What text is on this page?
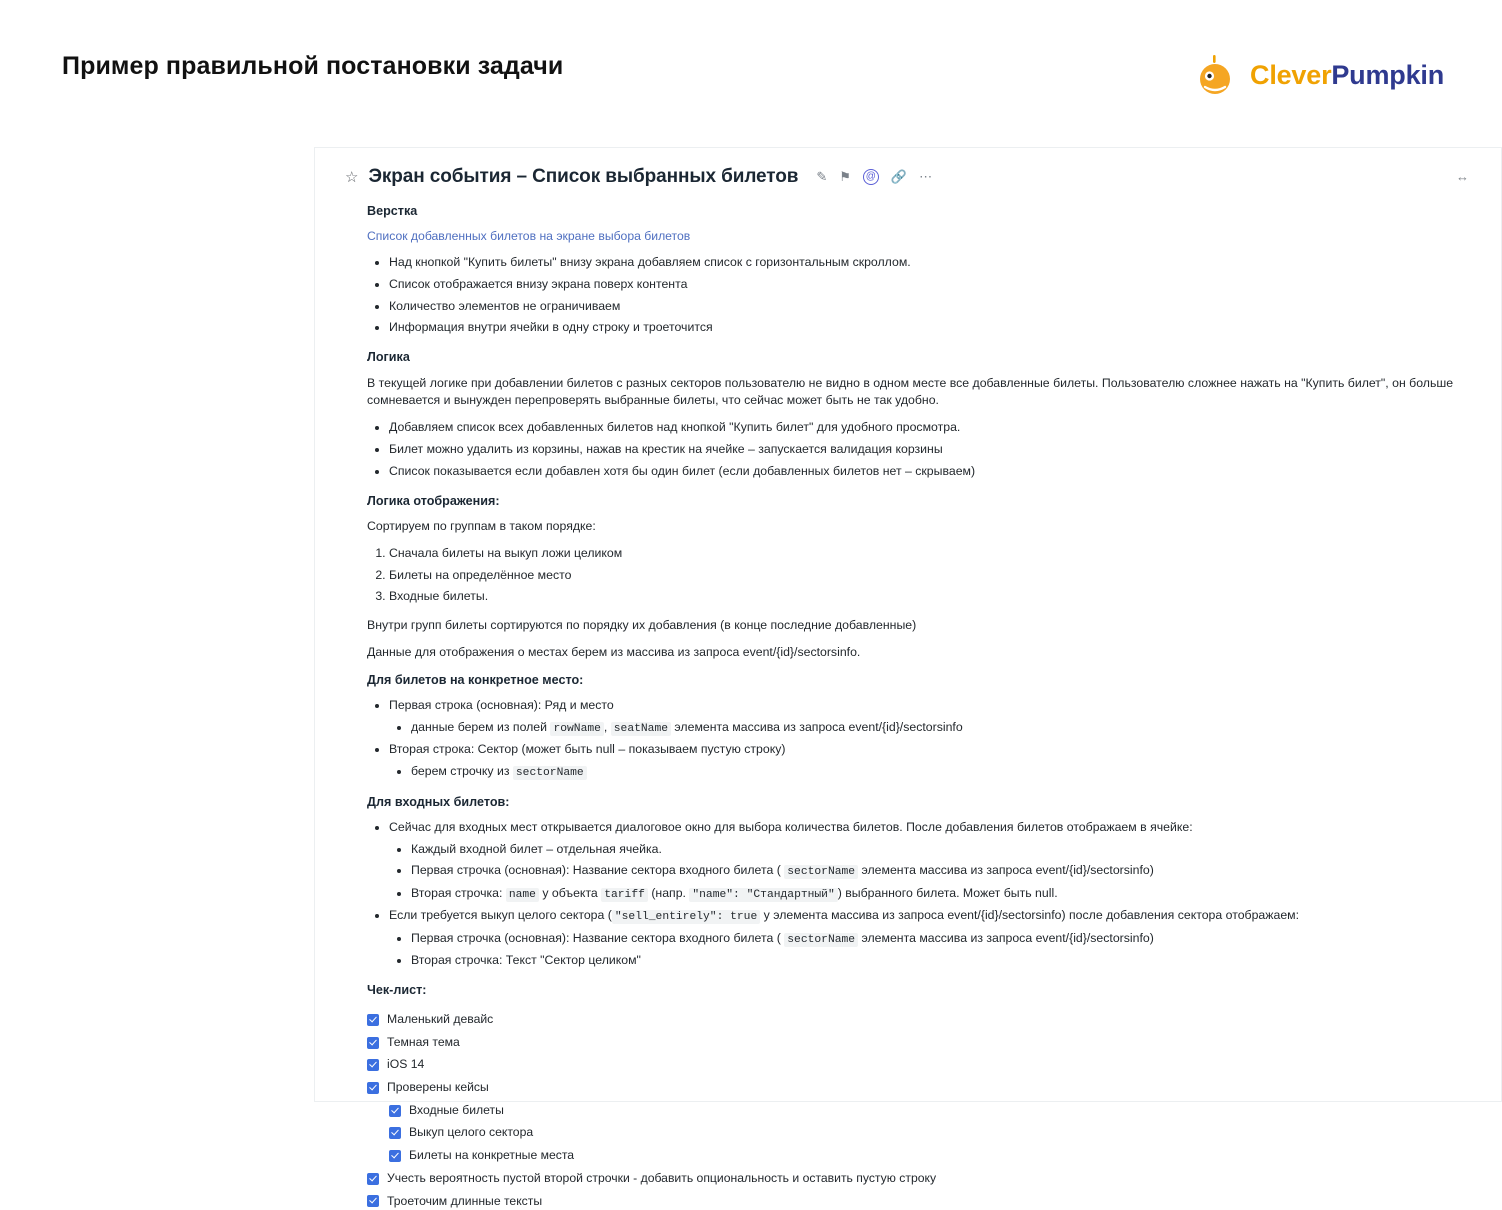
Пример правильной постановки задачи	CleverPumpkin
☆ Экран события – Список выбранных билетов ✎ ⚑ @ 🔗 ⋯	↔
Верстка
Список добавленных билетов на экране выбора билетов
• Над кнопкой "Купить билеты" внизу экрана добавляем список с горизонтальным скроллом.
• Список отображается внизу экрана поверх контента
• Количество элементов не ограничиваем
• Информация внутри ячейки в одну строку и троеточится
Логика

В текущей логике при добавлении билетов с разных секторов пользователю не видно в одном месте все добавленные билеты. Пользователю сложнее нажать на "Купить билет", он больше сомневается и вынужден перепроверять выбранные билеты, что сейчас может быть не так удобно.

• Добавляем список всех добавленных билетов над кнопкой "Купить билет" для удобного просмотра.
• Билет можно удалить из корзины, нажав на крестик на ячейке – запускается валидация корзины
• Список показывается если добавлен хотя бы один билет (если добавленных билетов нет – скрываем)
Логика отображения:

Сортируем по группам в таком порядке:

1. Сначала билеты на выкуп ложи целиком
2. Билеты на определённое место
3. Входные билеты.

Внутри групп билеты сортируются по порядку их добавления (в конце последние добавленные)

Данные для отображения о местах берем из массива из запроса event/{id}/sectorsinfo.

Для билетов на конкретное место:
• Первая строка (основная): Ряд и место
• данные берем из полей rowName , seatName элемента массива из запроса event/{id}/sectorsinfo
• Вторая строка: Сектор (может быть null – показываем пустую строку)
• берем строчку из sectorName
Для входных билетов:
• Сейчас для входных мест открывается диалоговое окно для выбора количества билетов. После добавления билетов отображаем в ячейке:
• Каждый входной билет – отдельная ячейка.
• Первая строчка (основная): Название сектора входного билета ( sectorName элемента массива из запроса event/{id}/sectorsinfo)
• Вторая строчка: name у объекта tariff (напр. "name": "Стандартный" ) выбранного билета. Может быть null.
• Если требуется выкуп целого сектора ( "sell_entirely": true у элемента массива из запроса event/{id}/sectorsinfo) после добавления сектора отображаем:
• Первая строчка (основная): Название сектора входного билета ( sectorName элемента массива из запроса event/{id}/sectorsinfo)
• Вторая строчка: Текст "Сектор целиком"
Чек-лист:
Маленький девайс
Темная тема
iOS 14
Проверены кейсы
Входные билеты
Выкуп целого сектора
Билеты на конкретные места
Учесть вероятность пустой второй строчки - добавить опциональность и оставить пустую строку
Троеточим длинные тексты
